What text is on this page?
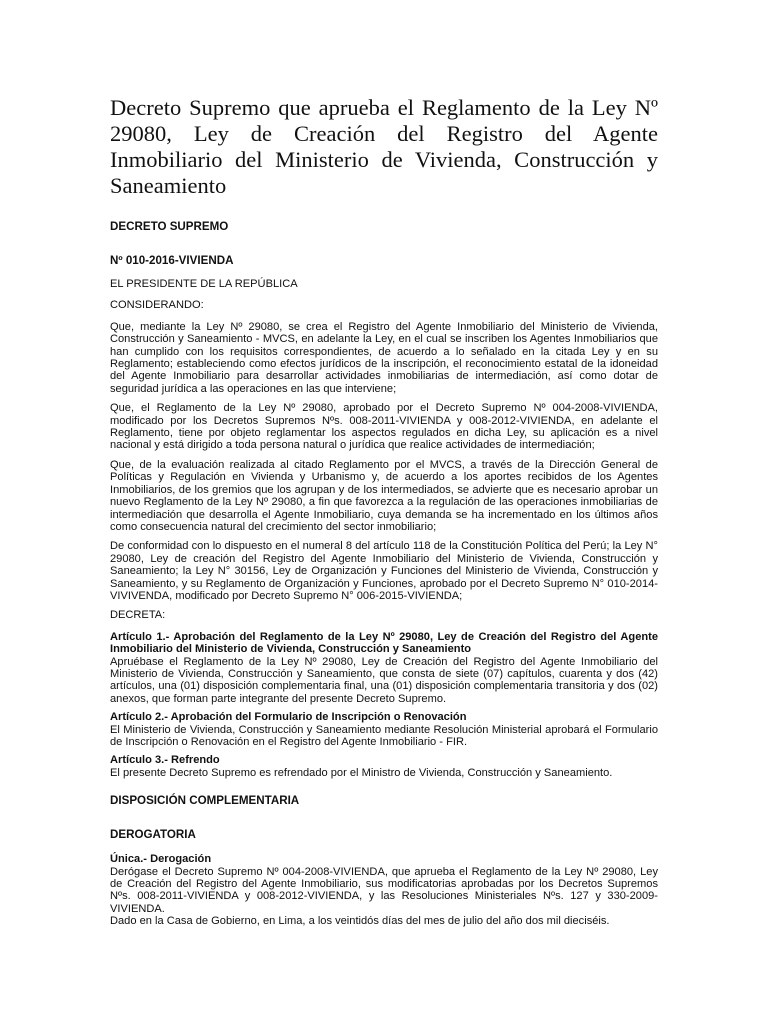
Decreto Supremo que aprueba el Reglamento de la Ley Nº 29080, Ley de Creación del Registro del Agente Inmobiliario del Ministerio de Vivienda, Construcción y Saneamiento

DECRETO SUPREMO

Nº 010-2016-VIVIENDA

EL PRESIDENTE DE LA REPÚBLICA

CONSIDERANDO:

Que, mediante la Ley Nº 29080, se crea el Registro del Agente Inmobiliario del Ministerio de Vivienda, Construcción y Saneamiento - MVCS, en adelante la Ley, en el cual se inscriben los Agentes Inmobiliarios que han cumplido con los requisitos correspondientes, de acuerdo a lo señalado en la citada Ley y en su Reglamento; estableciendo como efectos jurídicos de la inscripción, el reconocimiento estatal de la idoneidad del Agente Inmobiliario para desarrollar actividades inmobiliarias de intermediación, así como dotar de seguridad jurídica a las operaciones en las que interviene;

Que, el Reglamento de la Ley Nº 29080, aprobado por el Decreto Supremo Nº 004-2008-VIVIENDA, modificado por los Decretos Supremos Nºs. 008-2011-VIVIENDA y 008-2012-VIVIENDA, en adelante el Reglamento, tiene por objeto reglamentar los aspectos regulados en dicha Ley, su aplicación es a nivel nacional y está dirigido a toda persona natural o jurídica que realice actividades de intermediación;

Que, de la evaluación realizada al citado Reglamento por el MVCS, a través de la Dirección General de Políticas y Regulación en Vivienda y Urbanismo y, de acuerdo a los aportes recibidos de los Agentes Inmobiliarios, de los gremios que los agrupan y de los intermediados, se advierte que es necesario aprobar un nuevo Reglamento de la Ley Nº 29080, a fin que favorezca a la regulación de las operaciones inmobiliarias de intermediación que desarrolla el Agente Inmobiliario, cuya demanda se ha incrementado en los últimos años como consecuencia natural del crecimiento del sector inmobiliario;

De conformidad con lo dispuesto en el numeral 8 del artículo 118 de la Constitución Política del Perú; la Ley N° 29080, Ley de creación del Registro del Agente Inmobiliario del Ministerio de Vivienda, Construcción y Saneamiento; la Ley N° 30156, Ley de Organización y Funciones del Ministerio de Vivienda, Construcción y Saneamiento, y su Reglamento de Organización y Funciones, aprobado por el Decreto Supremo N° 010-2014-VIVIVENDA, modificado por Decreto Supremo N° 006-2015-VIVIENDA;

DECRETA:

Artículo 1.- Aprobación del Reglamento de la Ley Nº 29080, Ley de Creación del Registro del Agente Inmobiliario del Ministerio de Vivienda, Construcción y Saneamiento

Apruébase el Reglamento de la Ley Nº 29080, Ley de Creación del Registro del Agente Inmobiliario del Ministerio de Vivienda, Construcción y Saneamiento, que consta de siete (07) capítulos, cuarenta y dos (42) artículos, una (01) disposición complementaria final, una (01) disposición complementaria transitoria y dos (02) anexos, que forman parte integrante del presente Decreto Supremo.

Artículo 2.- Aprobación del Formulario de Inscripción o Renovación

El Ministerio de Vivienda, Construcción y Saneamiento mediante Resolución Ministerial aprobará el Formulario de Inscripción o Renovación en el Registro del Agente Inmobiliario - FIR.

Artículo 3.- Refrendo

El presente Decreto Supremo es refrendado por el Ministro de Vivienda, Construcción y Saneamiento.

DISPOSICIÓN COMPLEMENTARIA

DEROGATORIA

Única.- Derogación

Derógase el Decreto Supremo Nº 004-2008-VIVIENDA, que aprueba el Reglamento de la Ley Nº 29080, Ley de Creación del Registro del Agente Inmobiliario, sus modificatorias aprobadas por los Decretos Supremos Nºs. 008-2011-VIVIENDA y 008-2012-VIVIENDA, y las Resoluciones Ministeriales Nºs. 127 y 330-2009-VIVIENDA.

Dado en la Casa de Gobierno, en Lima, a los veintidós días del mes de julio del año dos mil dieciséis.
